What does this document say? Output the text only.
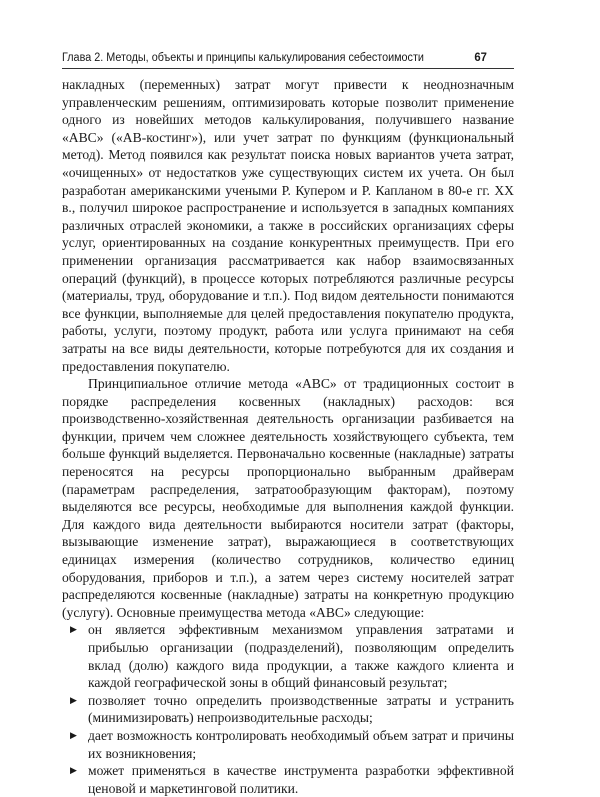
Глава 2. Методы, объекты и принципы калькулирования себестоимости	67

накладных (переменных) затрат могут привести к неоднозначным управленческим решениям, оптимизировать которые позволит применение одного из новейших методов калькулирования, получившего название «АВС» («АВ-костинг»), или учет затрат по функциям (функциональный метод). Метод появился как результат поиска новых вариантов учета затрат, «очищенных» от недостатков уже существующих систем их учета. Он был разработан американскими учеными Р. Купером и Р. Капланом в 80-е гг. XX в., получил широкое распространение и используется в западных компаниях различных отраслей экономики, а также в российских организациях сферы услуг, ориентированных на создание конкурентных преимуществ. При его применении организация рассматривается как набор взаимосвязанных операций (функций), в процессе которых потребляются различные ресурсы (материалы, труд, оборудование и т.п.). Под видом деятельности понимаются все функции, выполняемые для целей предоставления покупателю продукта, работы, услуги, поэтому продукт, работа или услуга принимают на себя затраты на все виды деятельности, которые потребуются для их создания и предоставления покупателю.

Принципиальное отличие метода «АВС» от традиционных состоит в порядке распределения косвенных (накладных) расходов: вся производственно-хозяйственная деятельность организации разбивается на функции, причем чем сложнее деятельность хозяйствующего субъекта, тем больше функций выделяется. Первоначально косвенные (накладные) затраты переносятся на ресурсы пропорционально выбранным драйверам (параметрам распределения, затратообразующим факторам), поэтому выделяются все ресурсы, необходимые для выполнения каждой функции. Для каждого вида деятельности выбираются носители затрат (факторы, вызывающие изменение затрат), выражающиеся в соответствующих единицах измерения (количество сотрудников, количество единиц оборудования, приборов и т.п.), а затем через систему носителей затрат распределяются косвенные (накладные) затраты на конкретную продукцию (услугу). Основные преимущества метода «АВС» следующие:

▶ он является эффективным механизмом управления затратами и прибылью организации (подразделений), позволяющим определить вклад (долю) каждого вида продукции, а также каждого клиента и каждой географической зоны в общий финансовый результат;
▶ позволяет точно определить производственные затраты и устранить (минимизировать) непроизводительные расходы;
▶ дает возможность контролировать необходимый объем затрат и причины их возникновения;
▶ может применяться в качестве инструмента разработки эффективной ценовой и маркетинговой политики.
